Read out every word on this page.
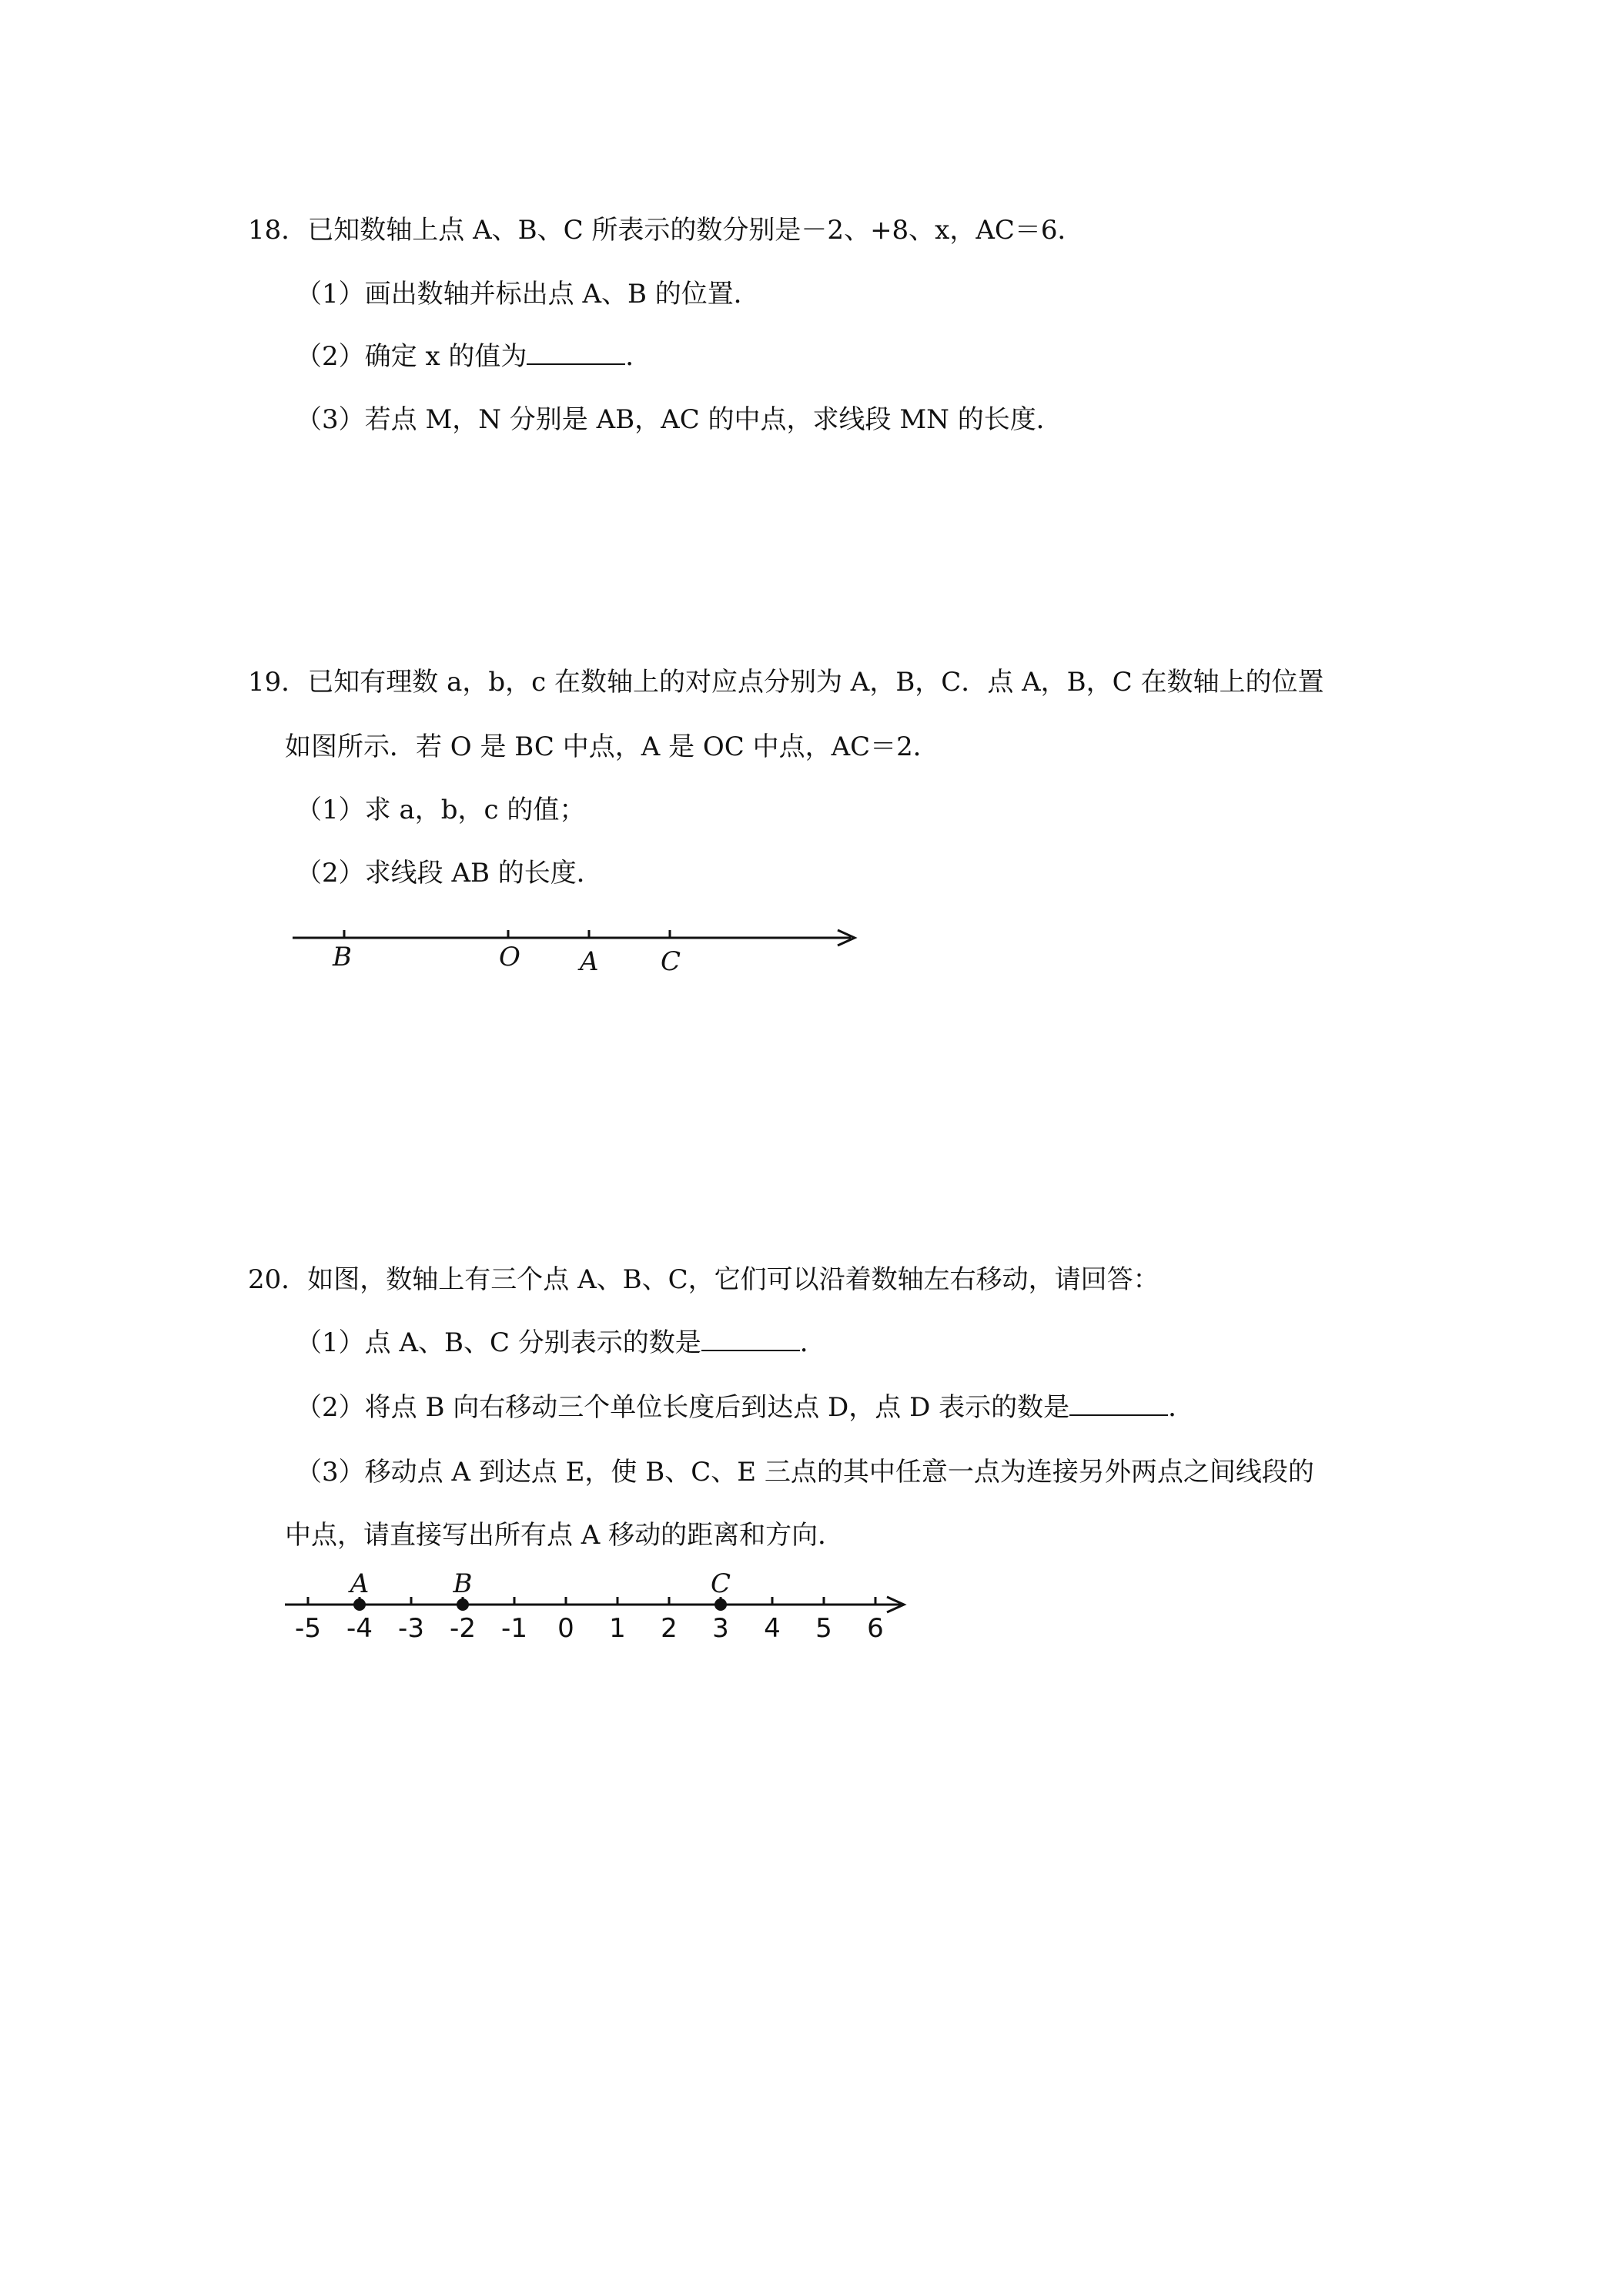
18．已知数轴上点 A、B、C 所表示的数分别是－2、+8、x，AC＝6．
（1）画出数轴并标出点 A、B 的位置．
（2）确定 x 的值为	．
（3）若点 M，N 分别是 AB，AC 的中点，求线段 MN 的长度．
19．已知有理数 a，b，c 在数轴上的对应点分别为 A，B，C．点 A，B，C 在数轴上的位置
如图所示．若 O 是 BC 中点，A 是 OC 中点，AC＝2．
（1）求 a，b，c 的值；
（2）求线段 AB 的长度．
B	O A C
20．如图，数轴上有三个点 A、B、C，它们可以沿着数轴左右移动，请回答：
（1）点 A、B、C 分别表示的数是	．
（2）将点 B 向右移动三个单位长度后到达点 D，点 D 表示的数是	．
（3）移动点 A 到达点 E，使 B、C、E 三点的其中任意一点为连接另外两点之间线段的
中点，请直接写出所有点 A 移动的距离和方向．
-5 -4 -3 -2 -1 0 1 2 3 4 5 6
A	B	C
